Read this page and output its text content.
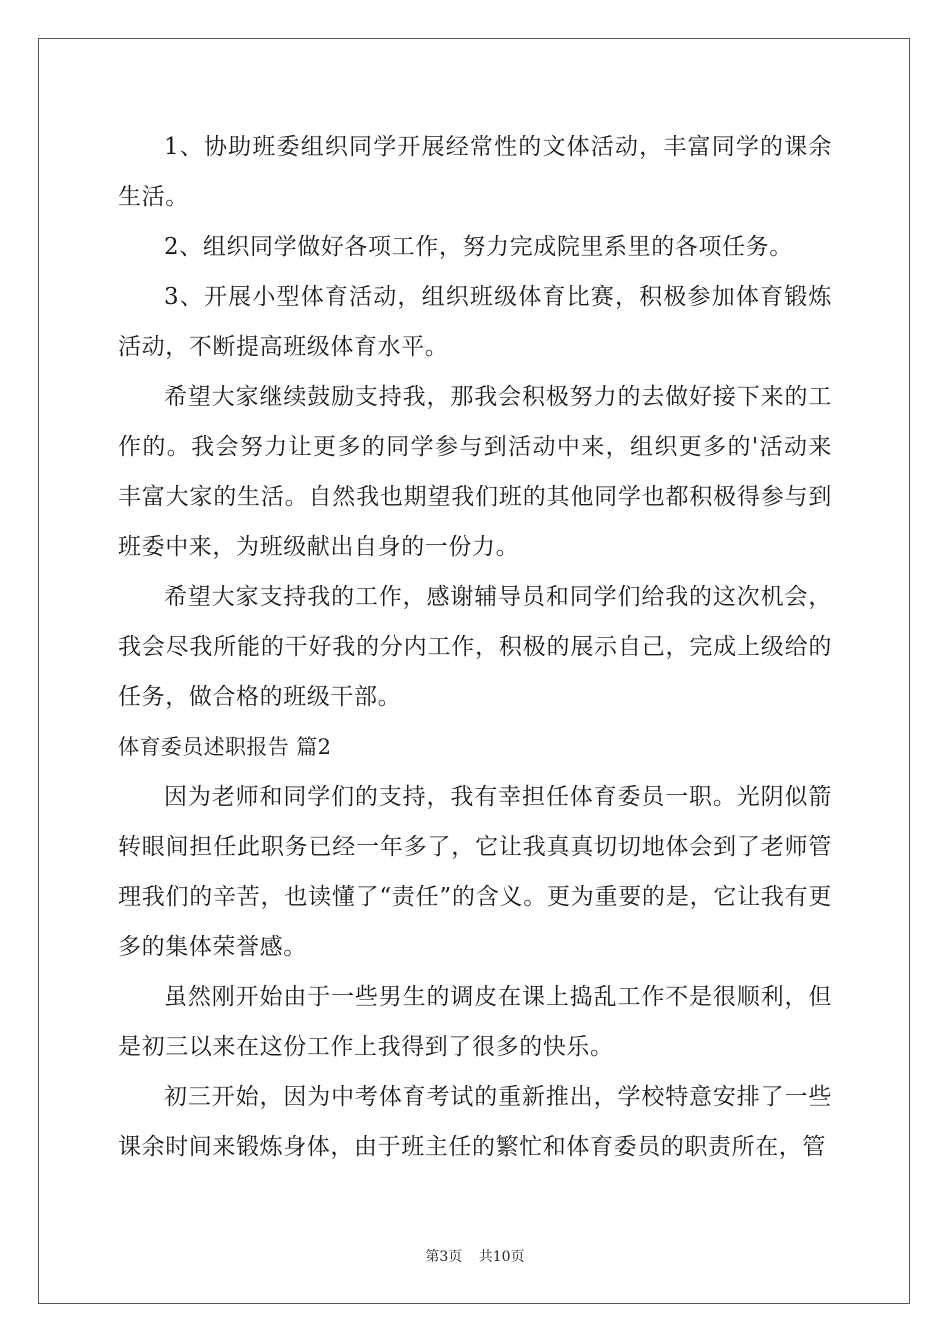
1、协助班委组织同学开展经常性的文体活动，丰富同学的课余生活。

2、组织同学做好各项工作，努力完成院里系里的各项任务。

3、开展小型体育活动，组织班级体育比赛，积极参加体育锻炼活动，不断提高班级体育水平。

希望大家继续鼓励支持我，那我会积极努力的去做好接下来的工作的。我会努力让更多的同学参与到活动中来，组织更多的'活动来丰富大家的生活。自然我也期望我们班的其他同学也都积极得参与到班委中来，为班级献出自身的一份力。

希望大家支持我的工作，感谢辅导员和同学们给我的这次机会，我会尽我所能的干好我的分内工作，积极的展示自己，完成上级给的任务，做合格的班级干部。

体育委员述职报告 篇2

因为老师和同学们的支持，我有幸担任体育委员一职。光阴似箭转眼间担任此职务已经一年多了，它让我真真切切地体会到了老师管理我们的辛苦，也读懂了“责任”的含义。更为重要的是，它让我有更多的集体荣誉感。

虽然刚开始由于一些男生的调皮在课上捣乱工作不是很顺利，但是初三以来在这份工作上我得到了很多的快乐。

初三开始，因为中考体育考试的重新推出，学校特意安排了一些课余时间来锻炼身体，由于班主任的繁忙和体育委员的职责所在，管

第3页 共10页
